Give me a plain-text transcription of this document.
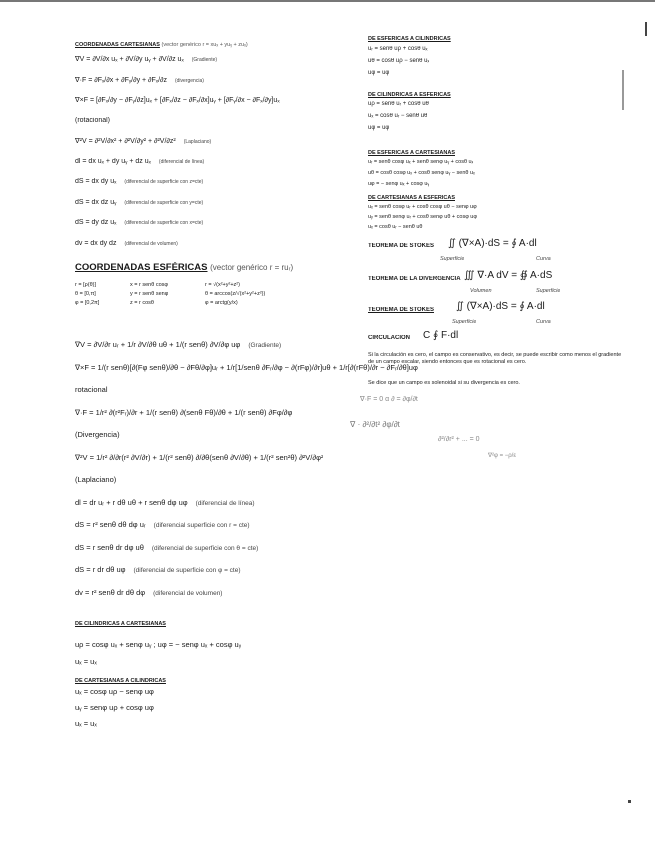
COORDENADAS CARTESIANAS (vector genérico r = xuₓ + yuᵧ + zuₓ)
∇V = ∂V/∂x uₓ + ∂V/∂y uᵧ + ∂V/∂z uₓ (Gradiente)
∇·F = ∂Fₓ/∂x + ∂Fᵧ/∂y + ∂Fₓ/∂z (divergencia)
∇×F = [∂Fₓ/∂y − ∂Fᵧ/∂z]uₓ + [∂Fₓ/∂z − ∂Fₓ/∂x]uᵧ + [∂Fᵧ/∂x − ∂Fₓ/∂y]uₓ
(rotacional)
∇²V = ∂²V/∂x² + ∂²V/∂y² + ∂²V/∂z² (Laplaciano)
dl = dx uₓ + dy uᵧ + dz uₓ (diferencial de línea)
dS = dx dy uₓ (diferencial de superficie con z=cte)
dS = dx dz uᵧ (diferencial de superficie con y=cte)
dS = dy dz uₓ (diferencial de superficie con x=cte)
dv = dx dy dz (diferencial de volumen)
COORDENADAS ESFÉRICAS (vector genérico r = ruᵣ)
r = [ρ(θ)]	x = r senθ cosφ	r = √(x²+y²+z²)
θ = [0,π]	y = r senθ senφ	θ = arccos(z/√(x²+y²+z²))
φ = [0,2π]	z = r cosθ	φ = arctg(y/x)
∇V = ∂V/∂r uᵣ + 1/r ∂V/∂θ uθ + 1/(r senθ) ∂V/∂φ uφ (Gradiente)
∇×F = 1/(r senθ)[∂(Fφ senθ)/∂θ − ∂Fθ/∂φ]uᵣ + 1/r[1/senθ ∂Fᵣ/∂φ − ∂(rFφ)/∂r]uθ + 1/r[∂(rFθ)/∂r − ∂Fᵣ/∂θ]uφ
rotacional
∇·F = 1/r² ∂(r²Fᵣ)/∂r + 1/(r senθ) ∂(senθ Fθ)/∂θ + 1/(r senθ) ∂Fφ/∂φ
(Divergencia)
∇²V = 1/r² ∂/∂r(r² ∂V/∂r) + 1/(r² senθ) ∂/∂θ(senθ ∂V/∂θ) + 1/(r² sen²θ) ∂²V/∂φ²
(Laplaciano)
dl = dr uᵣ + r dθ uθ + r senθ dφ uφ (diferencial de línea)
dS = r² senθ dθ dφ uᵣ (diferencial superficie con r = cte)
dS = r senθ dr dφ uθ (diferencial de superficie con θ = cte)
dS = r dr dθ uφ (diferencial de superficie con φ = cte)
dv = r² senθ dr dθ dφ (diferencial de volumen)
DE CILÍNDRICAS A CARTESIANAS
uρ = cosφ uₓ + senφ uᵧ ; uφ = − senφ uₓ + cosφ uᵧ
uₓ = uₓ
DE CARTESIANAS A CILÍNDRICAS
uₓ = cosφ uρ − senφ uφ
uᵧ = senφ uρ + cosφ uφ
uₓ = uₓ
DE ESFÉRICAS A CILÍNDRICAS
uᵣ = senθ uρ + cosθ uₓ
uθ = cosθ uρ − senθ uₓ
uφ = uφ
DE CILÍNDRICAS A ESFÉRICAS
uρ = senθ uᵣ + cosθ uθ
uₓ = cosθ uᵣ − senθ uθ
uφ = uφ
DE ESFÉRICAS A CARTESIANAS
uᵣ = senθ cosφ uₓ + senθ senφ uᵧ + cosθ uₓ
uθ = cosθ cosφ uₓ + cosθ senφ uᵧ − senθ uₓ
uφ = − senφ uₓ + cosφ uᵧ
DE CARTESIANAS A ESFÉRICAS
uₓ = senθ cosφ uᵣ + cosθ cosφ uθ − senφ uφ
uᵧ = senθ senφ uᵣ + cosθ senφ uθ + cosφ uφ
uₓ = cosθ uᵣ − senθ uθ
TEOREMA DE STOKES ∬ (∇×A)·dS = ∮ A·dl
Superficie	Curva
TEOREMA DE LA DIVERGENCIA ∭ ∇·A dV = ∯ A·dS
Volumen	Superficie
TEOREMA DE STOKES ∬ (∇×A)·dS = ∮ A·dl
Superficie	Curva
CIRCULACIÓN C ∮ F·dl
Si la circulación es cero, el campo es conservativo, es decir, se puede escribir como menos el gradiente de un campo escalar, siendo entonces que es rotacional es cero.
Se dice que un campo es solenoidal si su divergencia es cero.
∇·F = 0 α ∂ = ∂φ/∂t
∇ · ∂²/∂t² ∂φ/∂t
∂²/∂r² + ... = 0
∇²φ = −ρ/ε
